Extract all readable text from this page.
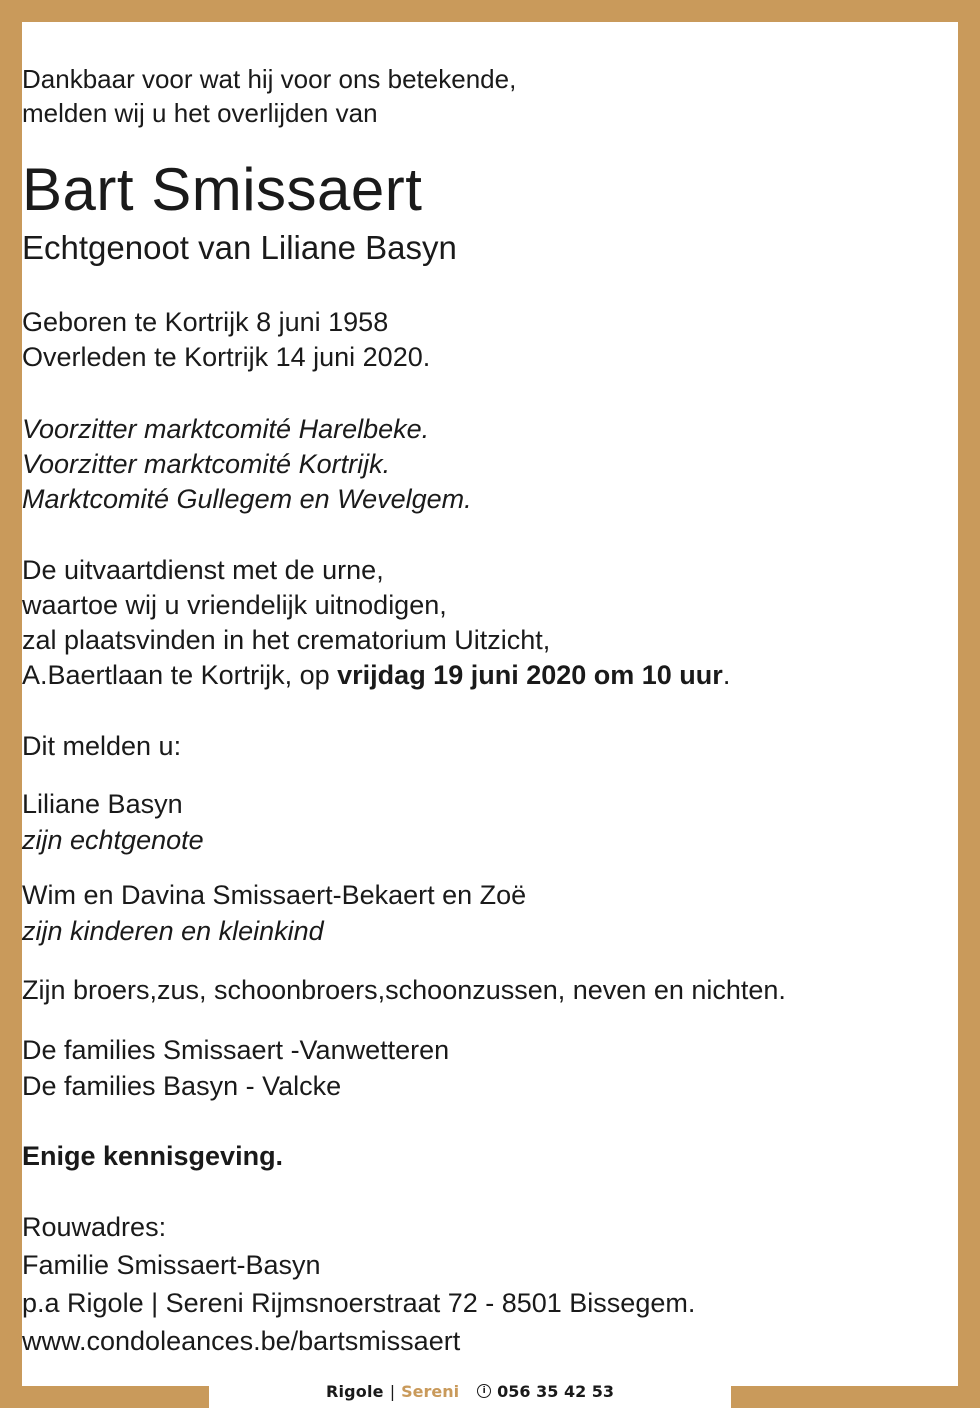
Dankbaar voor wat hij voor ons betekende,
melden wij u het overlijden van
Bart Smissaert
Echtgenoot van Liliane Basyn
Geboren te Kortrijk 8 juni 1958
Overleden te Kortrijk 14 juni 2020.
Voorzitter marktcomité Harelbeke.
Voorzitter marktcomité Kortrijk.
Marktcomité Gullegem en Wevelgem.
De uitvaartdienst met de urne,
waartoe wij u vriendelijk uitnodigen,
zal plaatsvinden in het crematorium Uitzicht,
A.Baertlaan te Kortrijk, op vrijdag 19 juni 2020 om 10 uur.
Dit melden u:
Liliane Basyn
zijn echtgenote
Wim en Davina Smissaert-Bekaert en Zoë
zijn kinderen en kleinkind
Zijn broers,zus, schoonbroers,schoonzussen, neven en nichten.
De families Smissaert -Vanwetteren
De families Basyn - Valcke
Enige kennisgeving.
Rouwadres:
Familie Smissaert-Basyn
p.a Rigole | Sereni Rijmsnoerstraat 72 - 8501 Bissegem.
www.condoleances.be/bartsmissaert
Rigole | Sereni	i 056 35 42 53
